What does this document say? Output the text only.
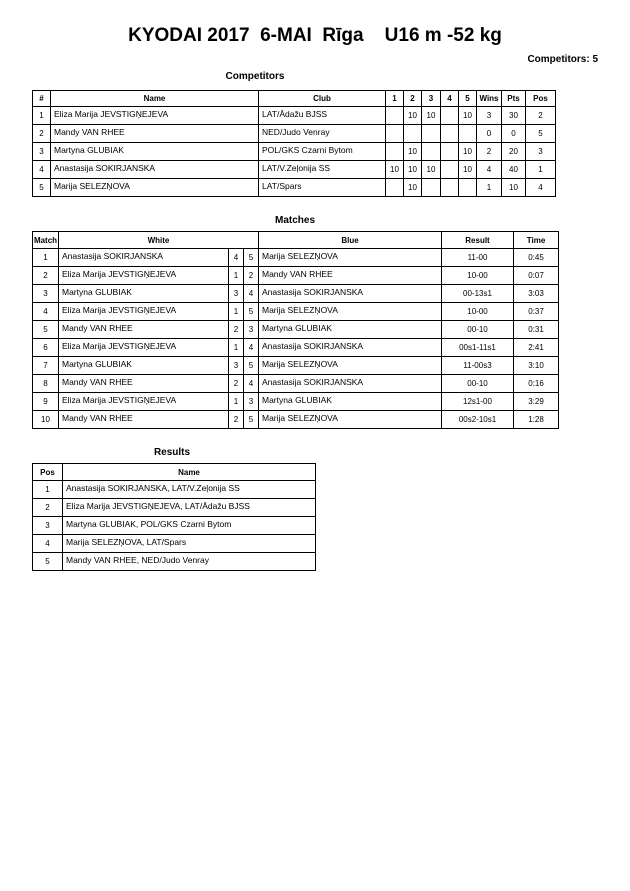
KYODAI 2017  6-MAI  Rīga    U16 m -52 kg
Competitors: 5
Competitors
#	Name	Club	1	2	3	4	5	Wins	Pts	Pos
1	Eliza Marija JEVSTIGŅEJEVA	LAT/Ādažu BJSS		10	10		10	3	30	2
2	Mandy VAN RHEE	NED/Judo Venray						0	0	5
3	Martyna GLUBIAK	POL/GKS Czarni Bytom		10			10	2	20	3
4	Anastasija SOKIRJANSKA	LAT/V.Zeļonija SS	10	10	10		10	4	40	1
5	Marija SELEZŅOVA	LAT/Spars		10				1	10	4
Matches
Match	White			Blue	Result	Time
1	Anastasija SOKIRJANSKA	4	5	Marija SELEZŅOVA	11-00	0:45
2	Eliza Marija JEVSTIGŅEJEVA	1	2	Mandy VAN RHEE	10-00	0:07
3	Martyna GLUBIAK	3	4	Anastasija SOKIRJANSKA	00-13s1	3:03
4	Eliza Marija JEVSTIGŅEJEVA	1	5	Marija SELEZŅOVA	10-00	0:37
5	Mandy VAN RHEE	2	3	Martyna GLUBIAK	00-10	0:31
6	Eliza Marija JEVSTIGŅEJEVA	1	4	Anastasija SOKIRJANSKA	00s1-11s1	2:41
7	Martyna GLUBIAK	3	5	Marija SELEZŅOVA	11-00s3	3:10
8	Mandy VAN RHEE	2	4	Anastasija SOKIRJANSKA	00-10	0:16
9	Eliza Marija JEVSTIGŅEJEVA	1	3	Martyna GLUBIAK	12s1-00	3:29
10	Mandy VAN RHEE	2	5	Marija SELEZŅOVA	00s2-10s1	1:28
Results
Pos	Name
1	Anastasija SOKIRJANSKA, LAT/V.Zeļonija SS
2	Eliza Marija JEVSTIGŅEJEVA, LAT/Ādažu BJSS
3	Martyna GLUBIAK, POL/GKS Czarni Bytom
4	Marija SELEZŅOVA, LAT/Spars
5	Mandy VAN RHEE, NED/Judo Venray
